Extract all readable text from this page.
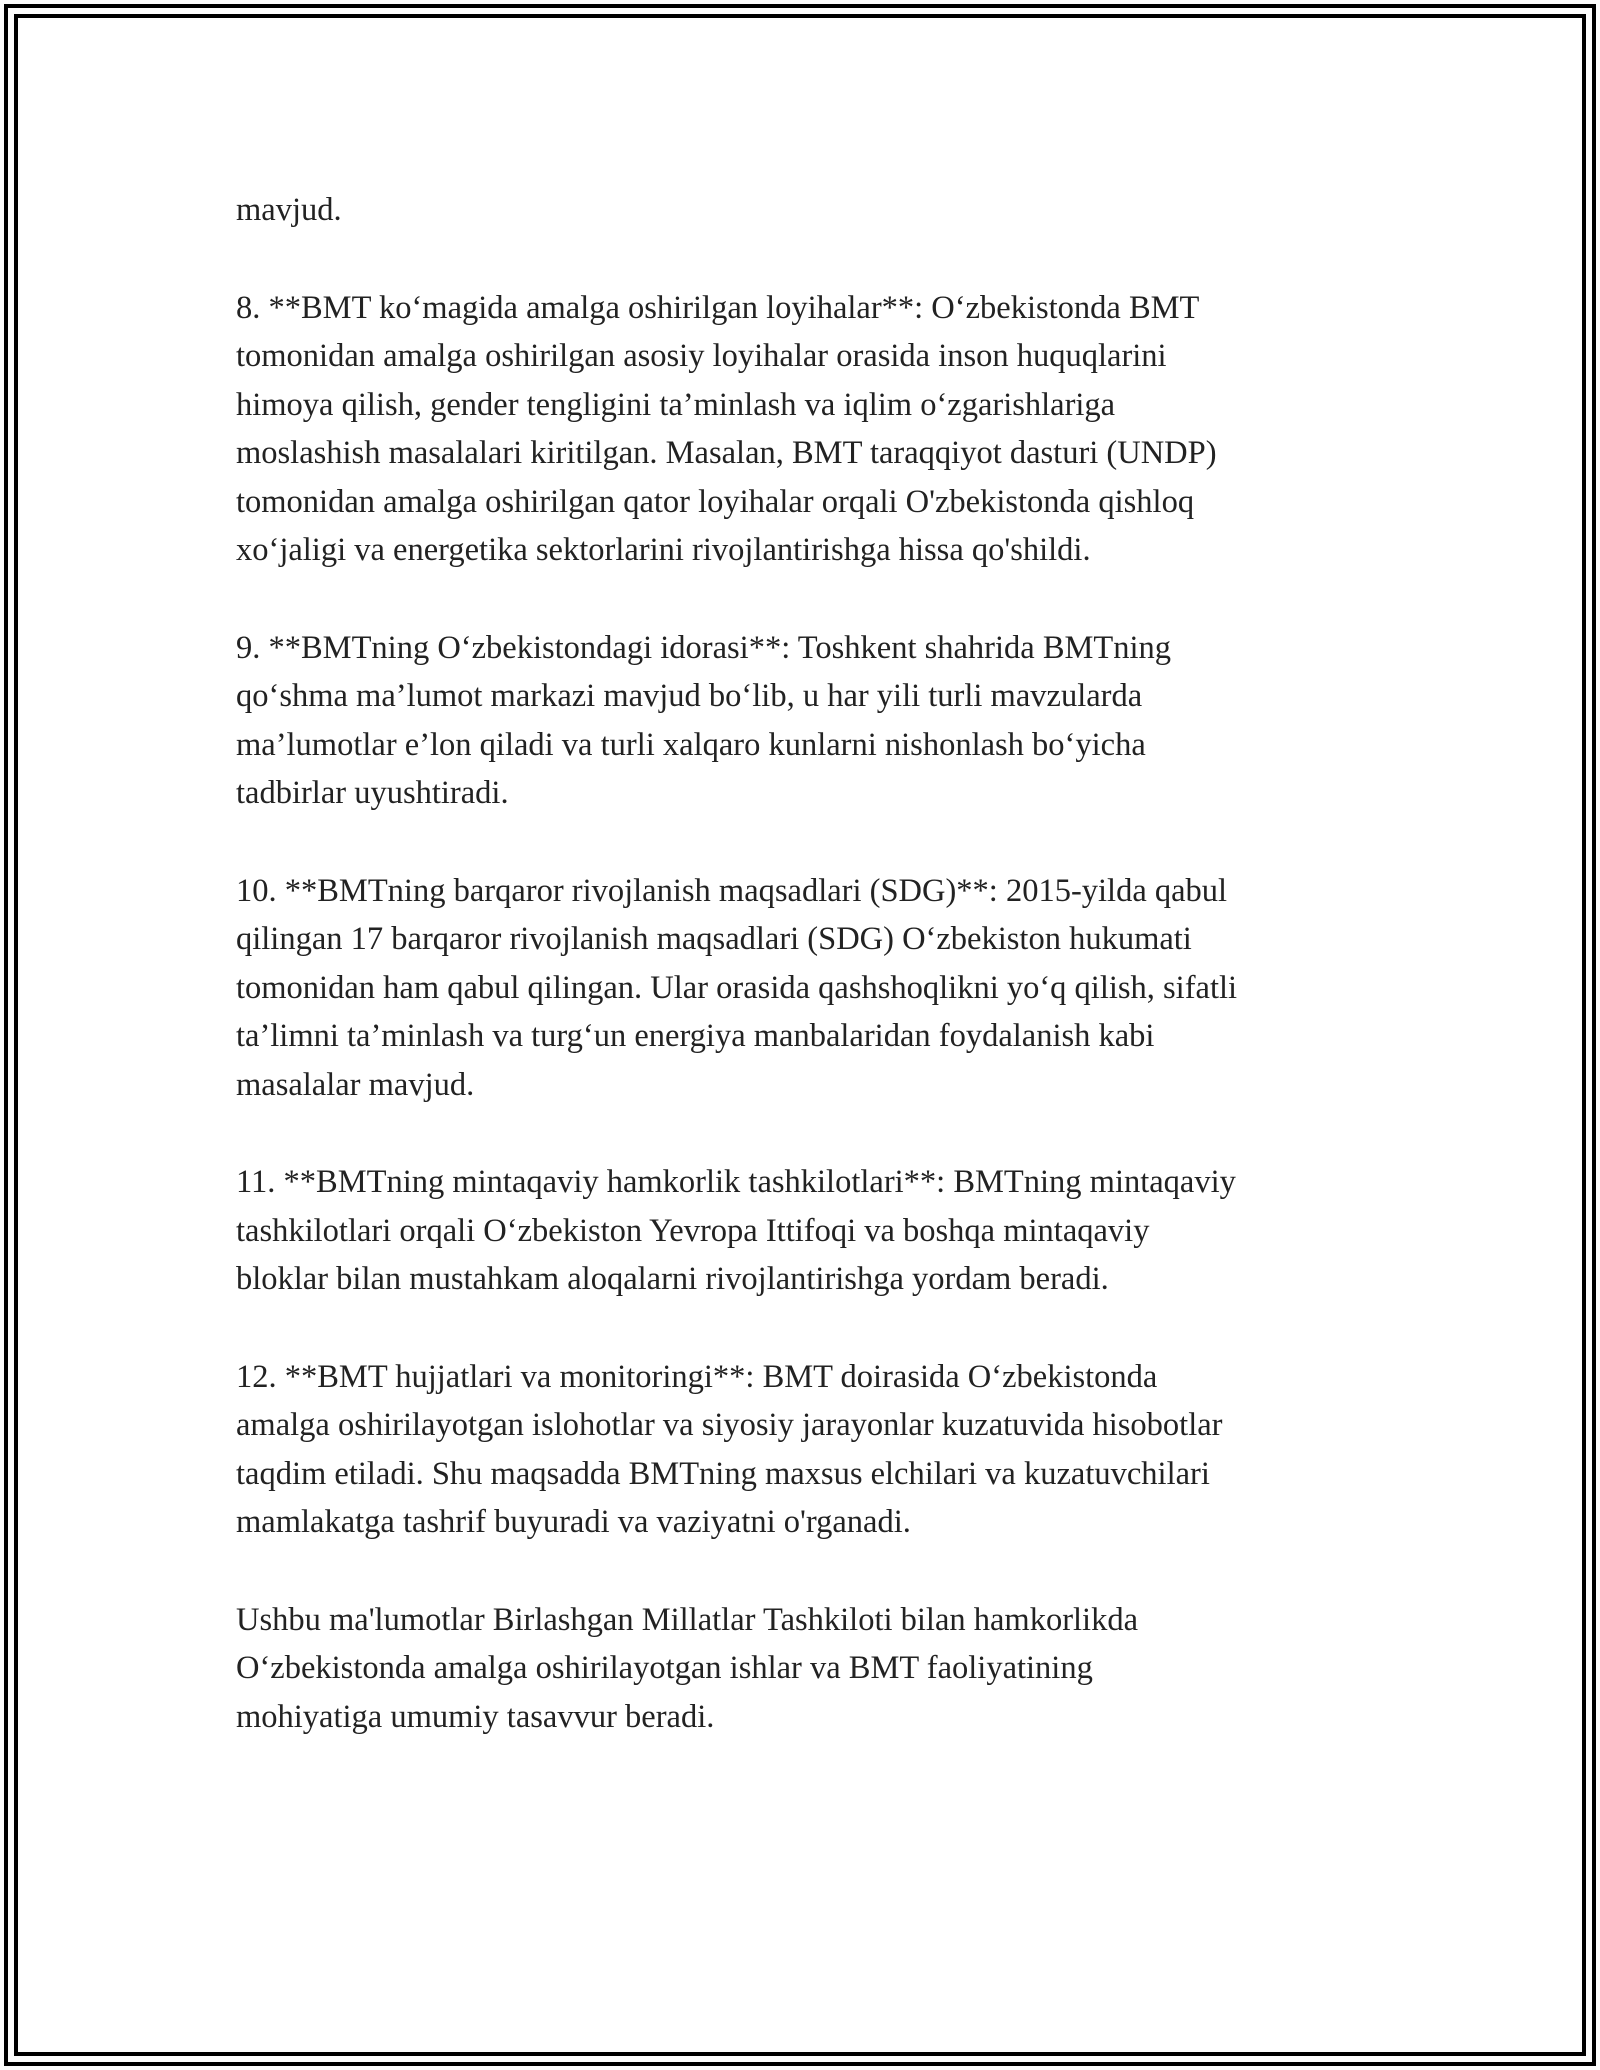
mavjud.

8. **BMT ko‘magida amalga oshirilgan loyihalar**: O‘zbekistonda BMT
tomonidan amalga oshirilgan asosiy loyihalar orasida inson huquqlarini
himoya qilish, gender tengligini ta’minlash va iqlim o‘zgarishlariga
moslashish masalalari kiritilgan. Masalan, BMT taraqqiyot dasturi (UNDP)
tomonidan amalga oshirilgan qator loyihalar orqali O'zbekistonda qishloq
xo‘jaligi va energetika sektorlarini rivojlantirishga hissa qo'shildi.

9. **BMTning O‘zbekistondagi idorasi**: Toshkent shahrida BMTning
qo‘shma ma’lumot markazi mavjud bo‘lib, u har yili turli mavzularda
ma’lumotlar e’lon qiladi va turli xalqaro kunlarni nishonlash bo‘yicha
tadbirlar uyushtiradi.

10. **BMTning barqaror rivojlanish maqsadlari (SDG)**: 2015-yilda qabul
qilingan 17 barqaror rivojlanish maqsadlari (SDG) O‘zbekiston hukumati
tomonidan ham qabul qilingan. Ular orasida qashshoqlikni yo‘q qilish, sifatli
ta’limni ta’minlash va turg‘un energiya manbalaridan foydalanish kabi
masalalar mavjud.

11. **BMTning mintaqaviy hamkorlik tashkilotlari**: BMTning mintaqaviy
tashkilotlari orqali O‘zbekiston Yevropa Ittifoqi va boshqa mintaqaviy
bloklar bilan mustahkam aloqalarni rivojlantirishga yordam beradi.

12. **BMT hujjatlari va monitoringi**: BMT doirasida O‘zbekistonda
amalga oshirilayotgan islohotlar va siyosiy jarayonlar kuzatuvida hisobotlar
taqdim etiladi. Shu maqsadda BMTning maxsus elchilari va kuzatuvchilari
mamlakatga tashrif buyuradi va vaziyatni o'rganadi.

Ushbu ma'lumotlar Birlashgan Millatlar Tashkiloti bilan hamkorlikda
O‘zbekistonda amalga oshirilayotgan ishlar va BMT faoliyatining
mohiyatiga umumiy tasavvur beradi.
